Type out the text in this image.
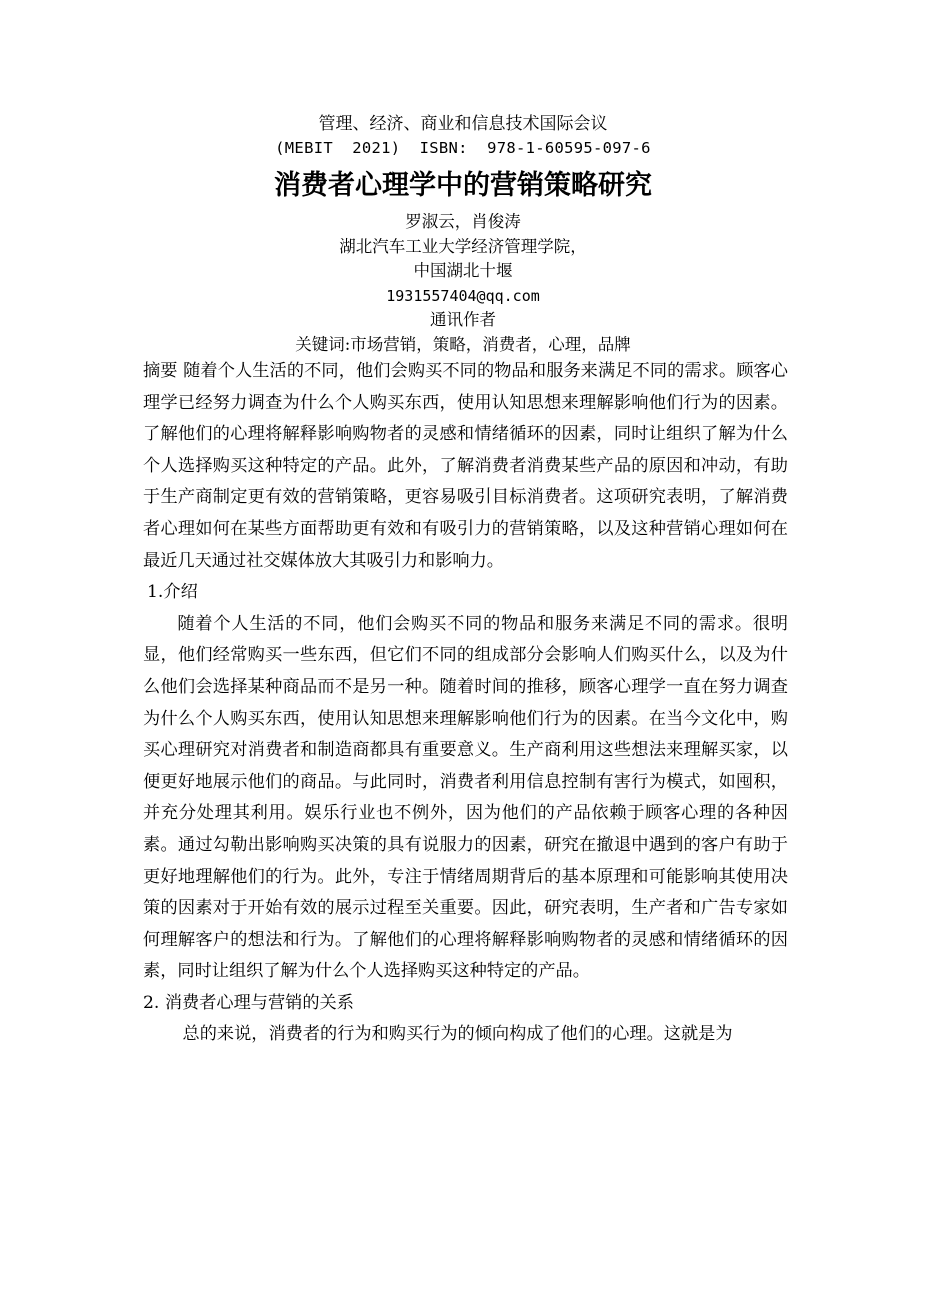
管理、经济、商业和信息技术国际会议
(MEBIT  2021)  ISBN:  978-1-60595-097-6
消费者心理学中的营销策略研究
罗淑云，肖俊涛
湖北汽车工业大学经济管理学院，
中国湖北十堰
1931557404@qq.com
通讯作者
关键词:市场营销，策略，消费者，心理，品牌

摘要 随着个人生活的不同，他们会购买不同的物品和服务来满足不同的需求。顾客心理学已经努力调查为什么个人购买东西，使用认知思想来理解影响他们行为的因素。了解他们的心理将解释影响购物者的灵感和情绪循环的因素，同时让组织了解为什么个人选择购买这种特定的产品。此外，了解消费者消费某些产品的原因和冲动，有助于生产商制定更有效的营销策略，更容易吸引目标消费者。这项研究表明，了解消费者心理如何在某些方面帮助更有效和有吸引力的营销策略，以及这种营销心理如何在最近几天通过社交媒体放大其吸引力和影响力。

1.介绍

随着个人生活的不同，他们会购买不同的物品和服务来满足不同的需求。很明显，他们经常购买一些东西，但它们不同的组成部分会影响人们购买什么，以及为什么他们会选择某种商品而不是另一种。随着时间的推移，顾客心理学一直在努力调查为什么个人购买东西，使用认知思想来理解影响他们行为的因素。在当今文化中，购买心理研究对消费者和制造商都具有重要意义。生产商利用这些想法来理解买家，以便更好地展示他们的商品。与此同时，消费者利用信息控制有害行为模式，如囤积，并充分处理其利用。娱乐行业也不例外，因为他们的产品依赖于顾客心理的各种因素。通过勾勒出影响购买决策的具有说服力的因素，研究在撤退中遇到的客户有助于更好地理解他们的行为。此外，专注于情绪周期背后的基本原理和可能影响其使用决策的因素对于开始有效的展示过程至关重要。因此，研究表明，生产者和广告专家如何理解客户的想法和行为。了解他们的心理将解释影响购物者的灵感和情绪循环的因素，同时让组织了解为什么个人选择购买这种特定的产品。

2. 消费者心理与营销的关系

总的来说，消费者的行为和购买行为的倾向构成了他们的心理。这就是为
